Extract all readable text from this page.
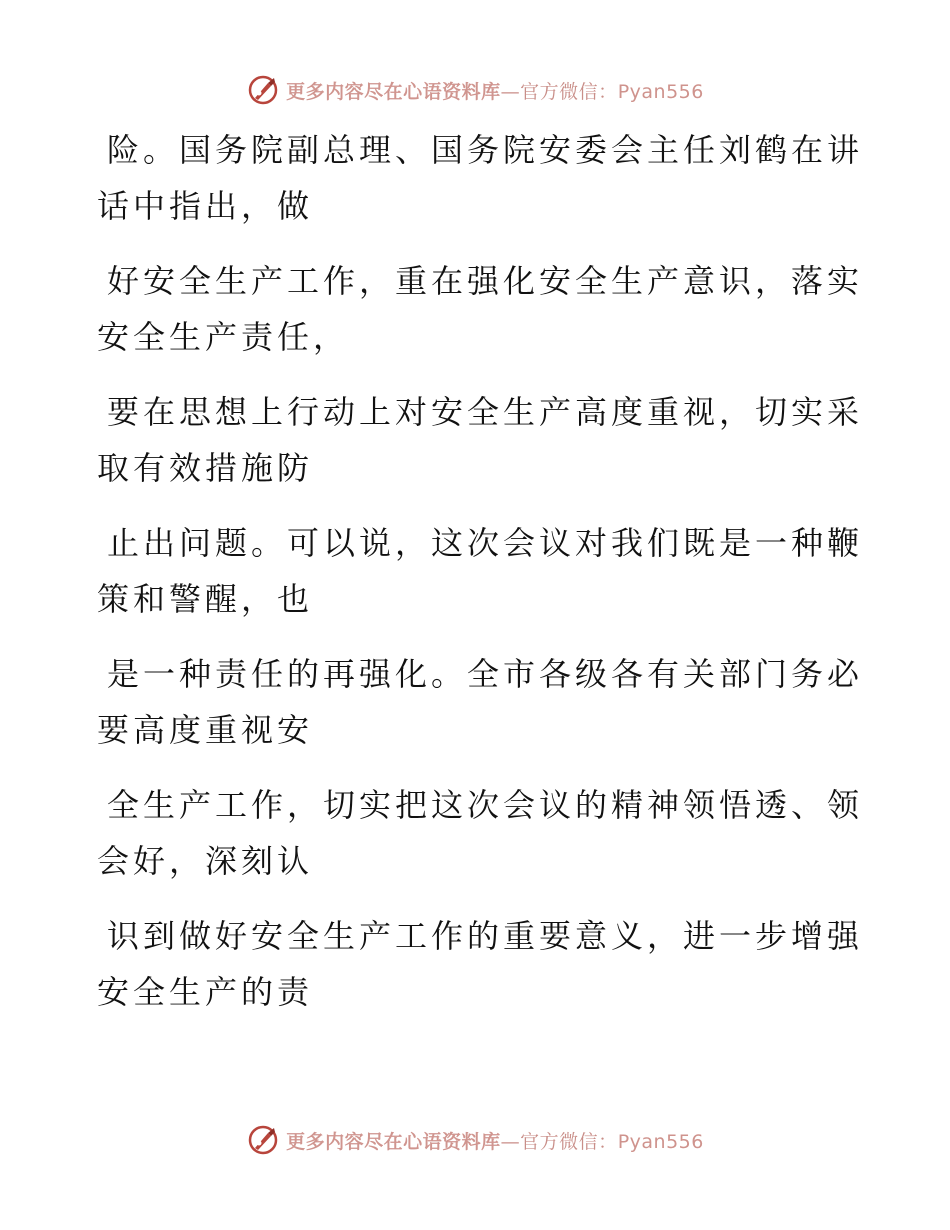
更多内容尽在心语资料库—官方微信：Pyan556

险。国务院副总理、国务院安委会主任刘鹤在讲
话中指出，做

好安全生产工作，重在强化安全生产意识，落实
安全生产责任，

要在思想上行动上对安全生产高度重视，切实采
取有效措施防

止出问题。可以说，这次会议对我们既是一种鞭
策和警醒，也

是一种责任的再强化。全市各级各有关部门务必
要高度重视安

全生产工作，切实把这次会议的精神领悟透、领
会好，深刻认

识到做好安全生产工作的重要意义，进一步增强
安全生产的责

更多内容尽在心语资料库—官方微信：Pyan556
